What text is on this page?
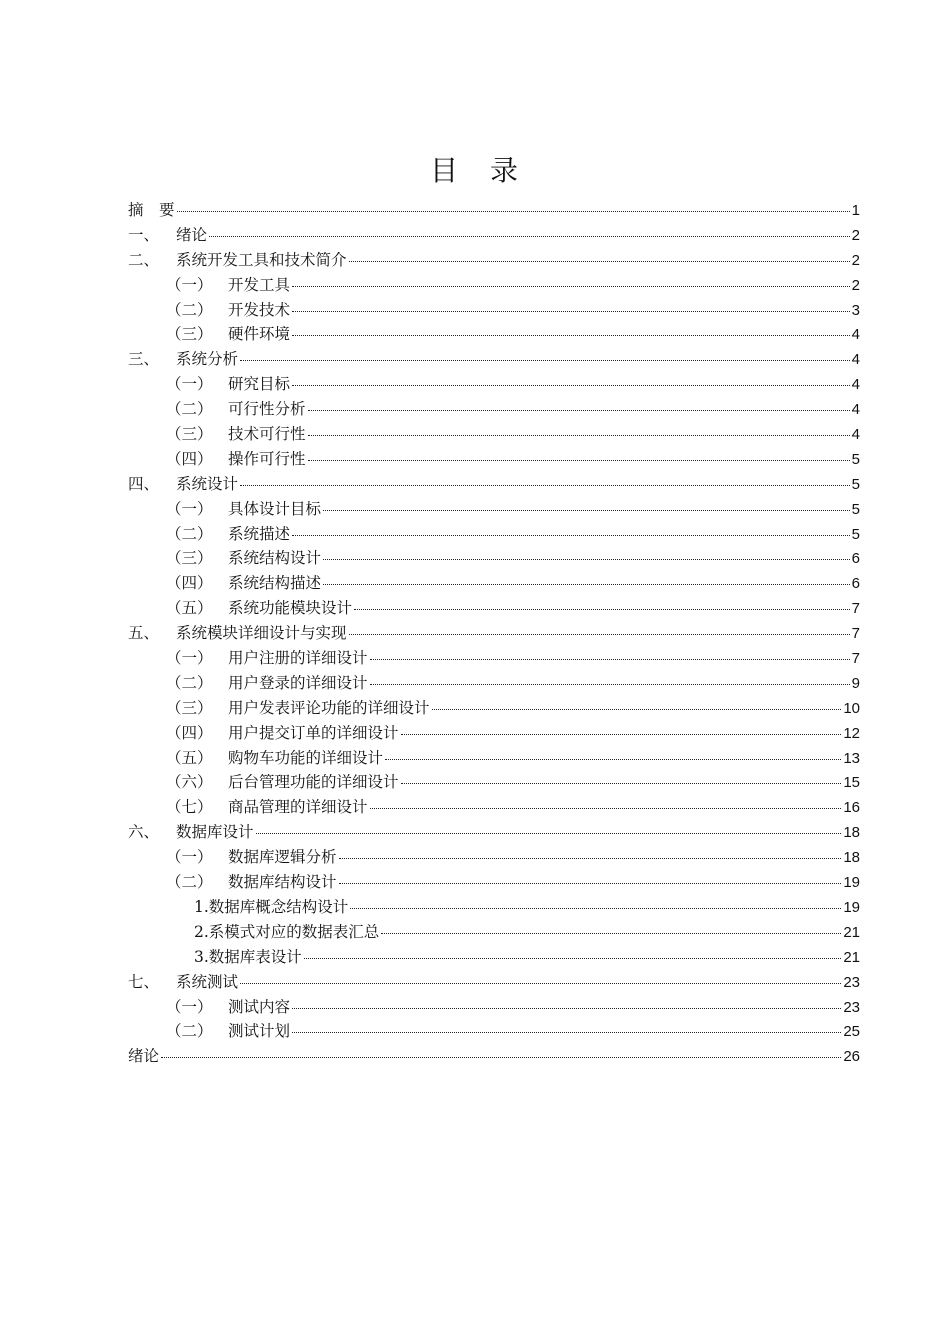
目　录
摘　要	1
一、	绪论	2
二、	系统开发工具和技术简介	2
（一） 开发工具	2
（二） 开发技术	3
（三） 硬件环境	4
三、	系统分析	4
（一） 研究目标	4
（二） 可行性分析	4
（三） 技术可行性	4
（四） 操作可行性	5
四、	系统设计	5
（一） 具体设计目标	5
（二） 系统描述	5
（三） 系统结构设计	6
（四） 系统结构描述	6
（五） 系统功能模块设计	7
五、	系统模块详细设计与实现	7
（一） 用户注册的详细设计	7
（二） 用户登录的详细设计	9
（三） 用户发表评论功能的详细设计	10
（四） 用户提交订单的详细设计	12
（五） 购物车功能的详细设计	13
（六） 后台管理功能的详细设计	15
（七） 商品管理的详细设计	16
六、	数据库设计	18
（一） 数据库逻辑分析	18
（二） 数据库结构设计	19
1.数据库概念结构设计	19
2.系模式对应的数据表汇总	21
3.数据库表设计	21
七、	系统测试	23
（一） 测试内容	23
（二） 测试计划	25
绪论	26
